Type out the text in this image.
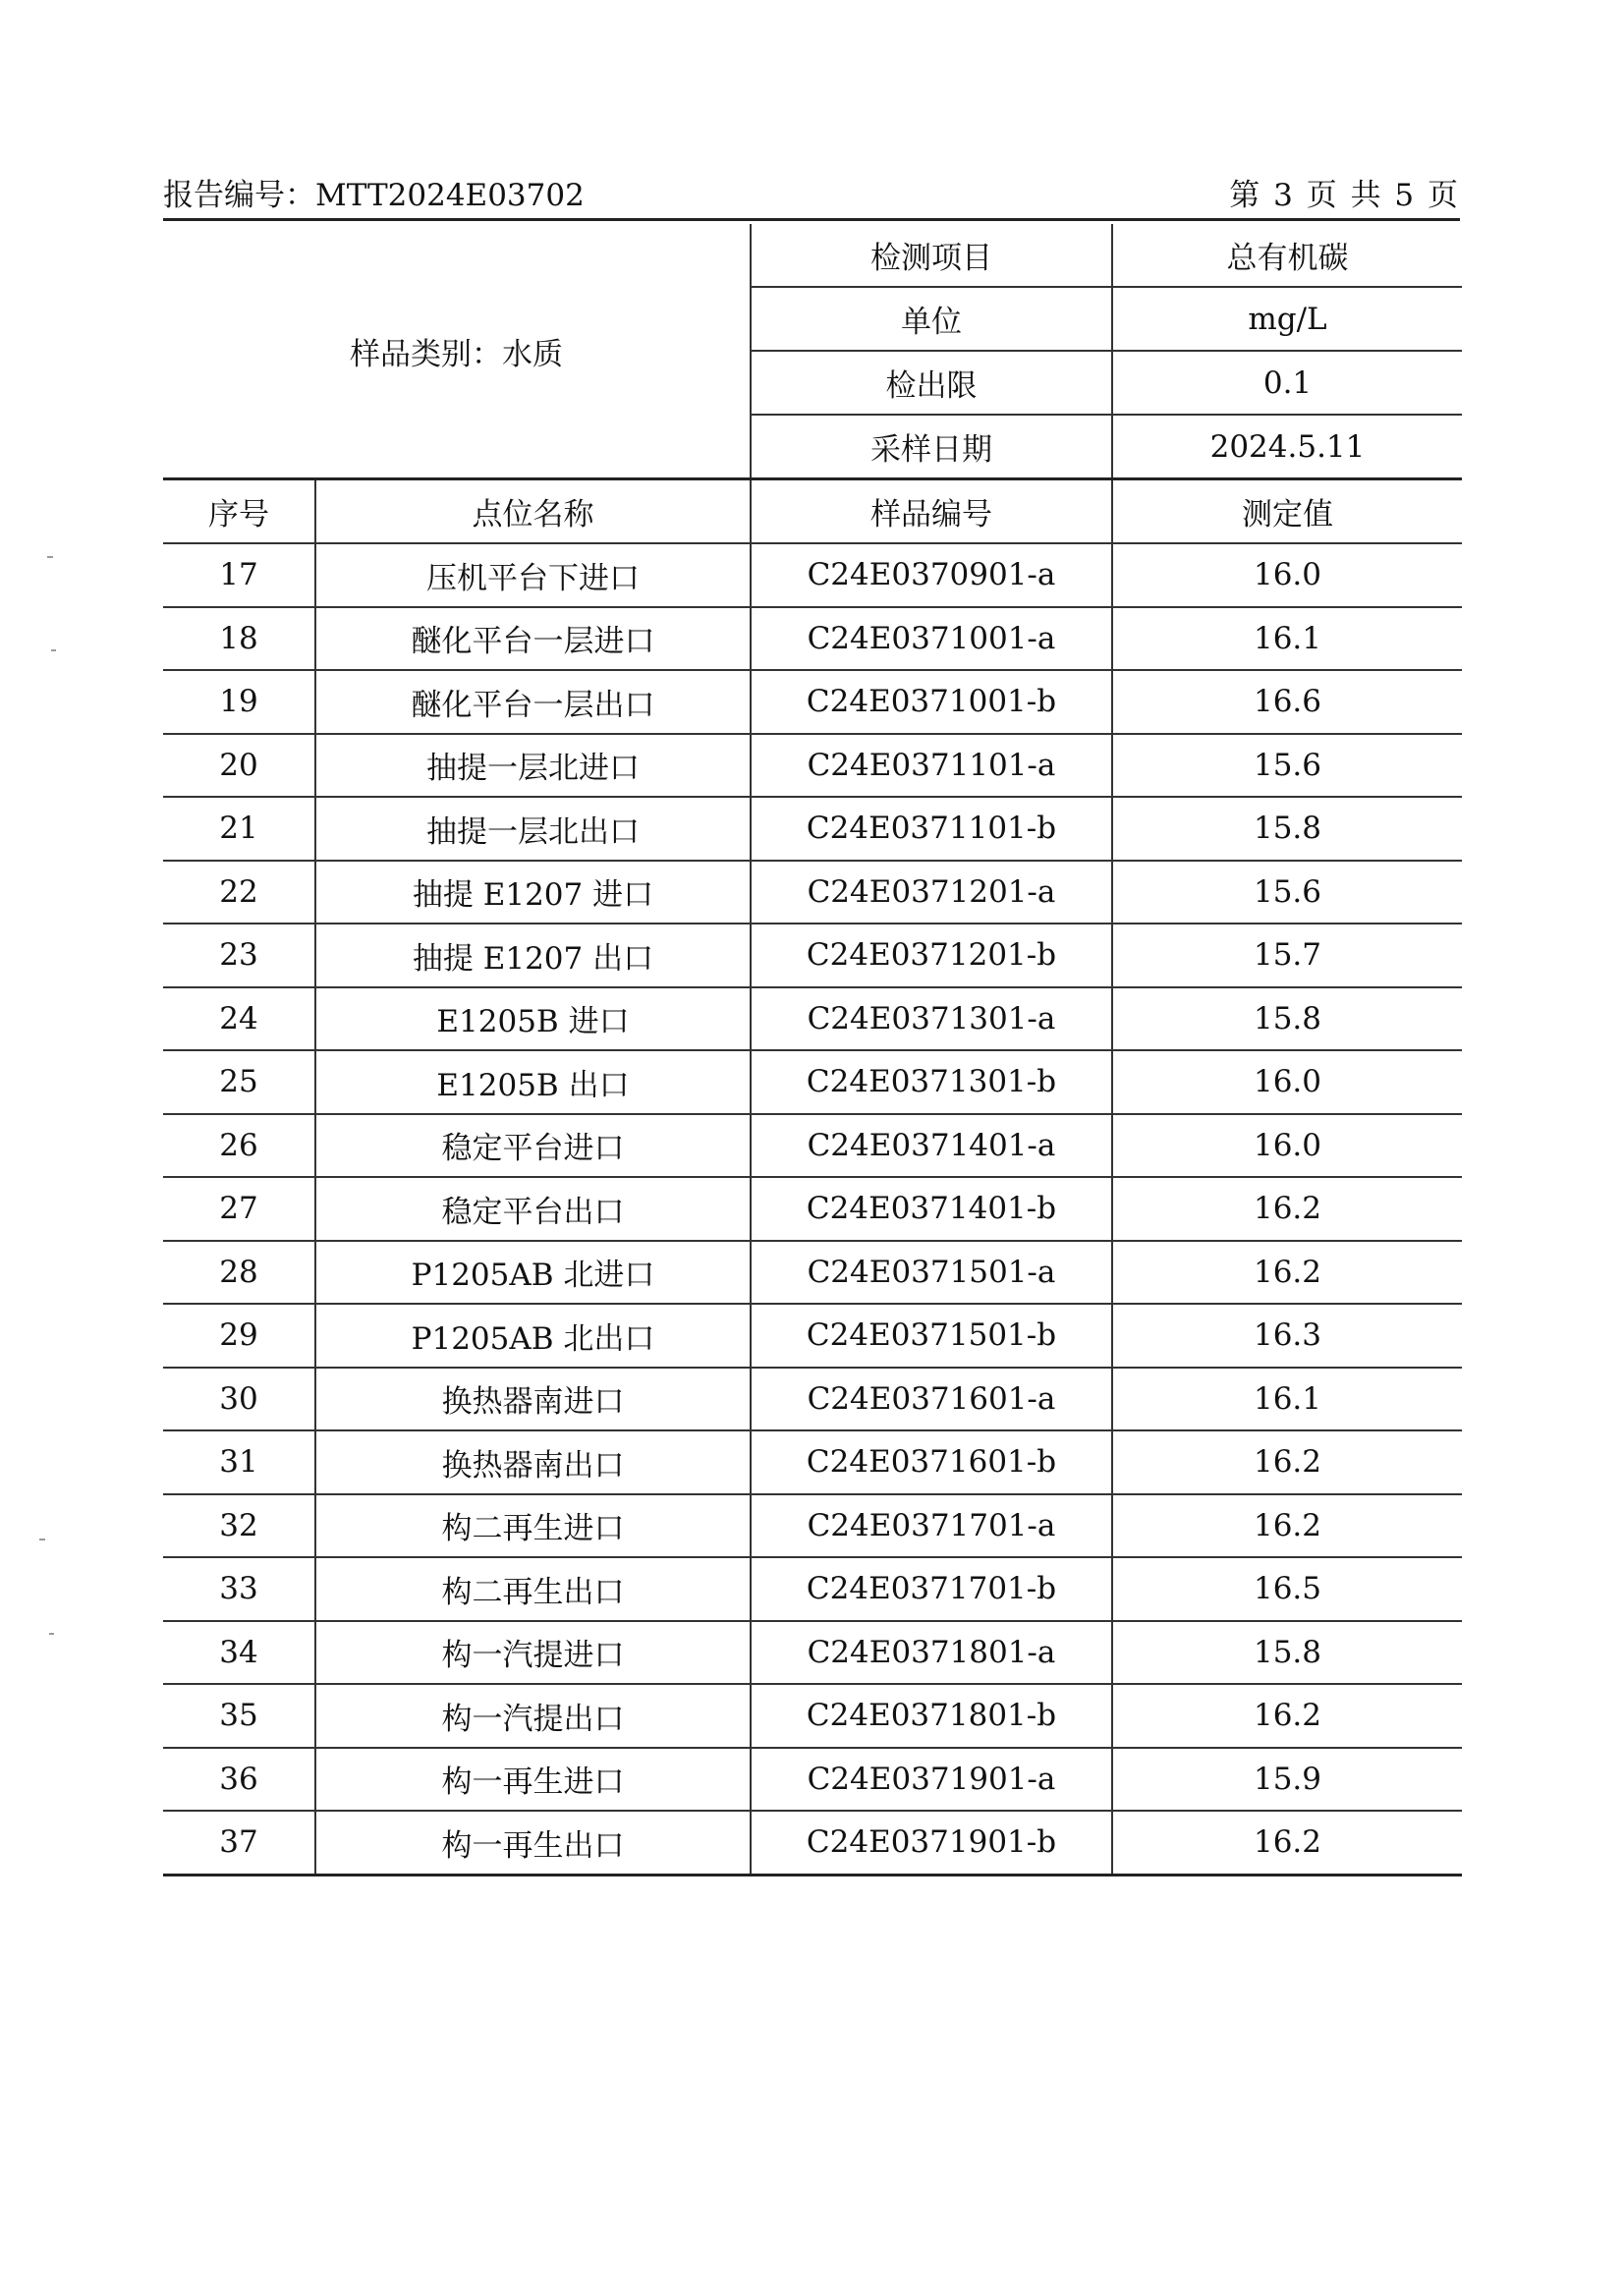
报告编号：MTT2024E03702	第 3 页 共 5 页
样品类别：水质		检测项目	总有机碳
		单位	mg/L
		检出限	0.1
		采样日期	2024.5.11
序号	点位名称	样品编号	测定值
17	压机平台下进口	C24E0370901-a	16.0
18	醚化平台一层进口	C24E0371001-a	16.1
19	醚化平台一层出口	C24E0371001-b	16.6
20	抽提一层北进口	C24E0371101-a	15.6
21	抽提一层北出口	C24E0371101-b	15.8
22	抽提 E1207 进口	C24E0371201-a	15.6
23	抽提 E1207 出口	C24E0371201-b	15.7
24	E1205B 进口	C24E0371301-a	15.8
25	E1205B 出口	C24E0371301-b	16.0
26	稳定平台进口	C24E0371401-a	16.0
27	稳定平台出口	C24E0371401-b	16.2
28	P1205AB 北进口	C24E0371501-a	16.2
29	P1205AB 北出口	C24E0371501-b	16.3
30	换热器南进口	C24E0371601-a	16.1
31	换热器南出口	C24E0371601-b	16.2
32	构二再生进口	C24E0371701-a	16.2
33	构二再生出口	C24E0371701-b	16.5
34	构一汽提进口	C24E0371801-a	15.8
35	构一汽提出口	C24E0371801-b	16.2
36	构一再生进口	C24E0371901-a	15.9
37	构一再生出口	C24E0371901-b	16.2
